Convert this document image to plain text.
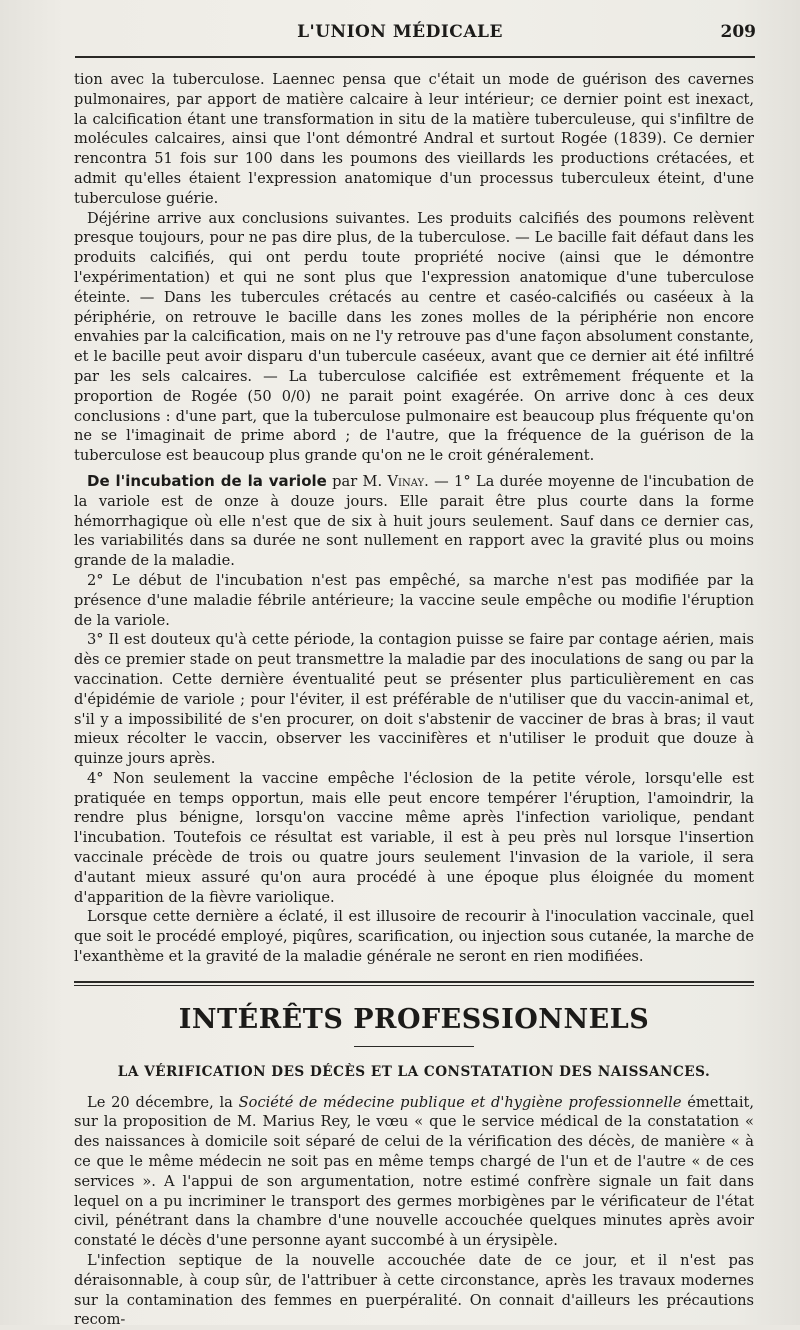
L'UNION MÉDICALE	209

tion avec la tuberculose. Laennec pensa que c'était un mode de guérison des cavernes pulmonaires, par apport de matière calcaire à leur intérieur; ce dernier point est inexact, la calcification étant une transformation in situ de la matière tuberculeuse, qui s'infiltre de molécules calcaires, ainsi que l'ont démontré Andral et surtout Rogée (1839). Ce dernier rencontra 51 fois sur 100 dans les poumons des vieillards les productions crétacées, et admit qu'elles étaient l'expression anatomique d'un processus tuberculeux éteint, d'une tuberculose guérie.

Déjérine arrive aux conclusions suivantes. Les produits calcifiés des poumons relèvent presque toujours, pour ne pas dire plus, de la tuberculose. — Le bacille fait défaut dans les produits calcifiés, qui ont perdu toute propriété nocive (ainsi que le démontre l'expérimentation) et qui ne sont plus que l'expression anatomique d'une tuberculose éteinte. — Dans les tubercules crétacés au centre et caséo-calcifiés ou caséeux à la périphérie, on retrouve le bacille dans les zones molles de la périphérie non encore envahies par la calcification, mais on ne l'y retrouve pas d'une façon absolument constante, et le bacille peut avoir disparu d'un tubercule caséeux, avant que ce dernier ait été infiltré par les sels calcaires. — La tuberculose calcifiée est extrêmement fréquente et la proportion de Rogée (50 0/0) ne parait point exagérée. On arrive donc à ces deux conclusions : d'une part, que la tuberculose pulmonaire est beaucoup plus fréquente qu'on ne se l'imaginait de prime abord ; de l'autre, que la fréquence de la guérison de la tuberculose est beaucoup plus grande qu'on ne le croit généralement.

De l'incubation de la variole par M. Vinay. — 1° La durée moyenne de l'incubation de la variole est de onze à douze jours. Elle parait être plus courte dans la forme hémorrhagique où elle n'est que de six à huit jours seulement. Sauf dans ce dernier cas, les variabilités dans sa durée ne sont nullement en rapport avec la gravité plus ou moins grande de la maladie.

2° Le début de l'incubation n'est pas empêché, sa marche n'est pas modifiée par la présence d'une maladie fébrile antérieure; la vaccine seule empêche ou modifie l'éruption de la variole.

3° Il est douteux qu'à cette période, la contagion puisse se faire par contage aérien, mais dès ce premier stade on peut transmettre la maladie par des inoculations de sang ou par la vaccination. Cette dernière éventualité peut se présenter plus particulièrement en cas d'épidémie de variole ; pour l'éviter, il est préférable de n'utiliser que du vaccin-animal et, s'il y a impossibilité de s'en procurer, on doit s'abstenir de vacciner de bras à bras; il vaut mieux récolter le vaccin, observer les vaccinifères et n'utiliser le produit que douze à quinze jours après.

4° Non seulement la vaccine empêche l'éclosion de la petite vérole, lorsqu'elle est pratiquée en temps opportun, mais elle peut encore tempérer l'éruption, l'amoindrir, la rendre plus bénigne, lorsqu'on vaccine même après l'infection variolique, pendant l'incubation. Toutefois ce résultat est variable, il est à peu près nul lorsque l'insertion vaccinale précède de trois ou quatre jours seulement l'invasion de la variole, il sera d'autant mieux assuré qu'on aura procédé à une époque plus éloignée du moment d'apparition de la fièvre variolique.

Lorsque cette dernière a éclaté, il est illusoire de recourir à l'inoculation vaccinale, quel que soit le procédé employé, piqûres, scarification, ou injection sous cutanée, la marche de l'exanthème et la gravité de la maladie générale ne seront en rien modifiées.

INTÉRÊTS PROFESSIONNELS
LA VÉRIFICATION DES DÉCÈS ET LA CONSTATATION DES NAISSANCES.

Le 20 décembre, la Société de médecine publique et d'hygiène professionnelle émettait, sur la proposition de M. Marius Rey, le vœu « que le service médical de la constatation « des naissances à domicile soit séparé de celui de la vérification des décès, de manière « à ce que le même médecin ne soit pas en même temps chargé de l'un et de l'autre « de ces services ». A l'appui de son argumentation, notre estimé confrère signale un fait dans lequel on a pu incriminer le transport des germes morbigènes par le vérificateur de l'état civil, pénétrant dans la chambre d'une nouvelle accouchée quelques minutes après avoir constaté le décès d'une personne ayant succombé à un érysipèle.

L'infection septique de la nouvelle accouchée date de ce jour, et il n'est pas déraisonnable, à coup sûr, de l'attribuer à cette circonstance, après les travaux modernes sur la contamination des femmes en puerpéralité. On connait d'ailleurs les précautions recom-
